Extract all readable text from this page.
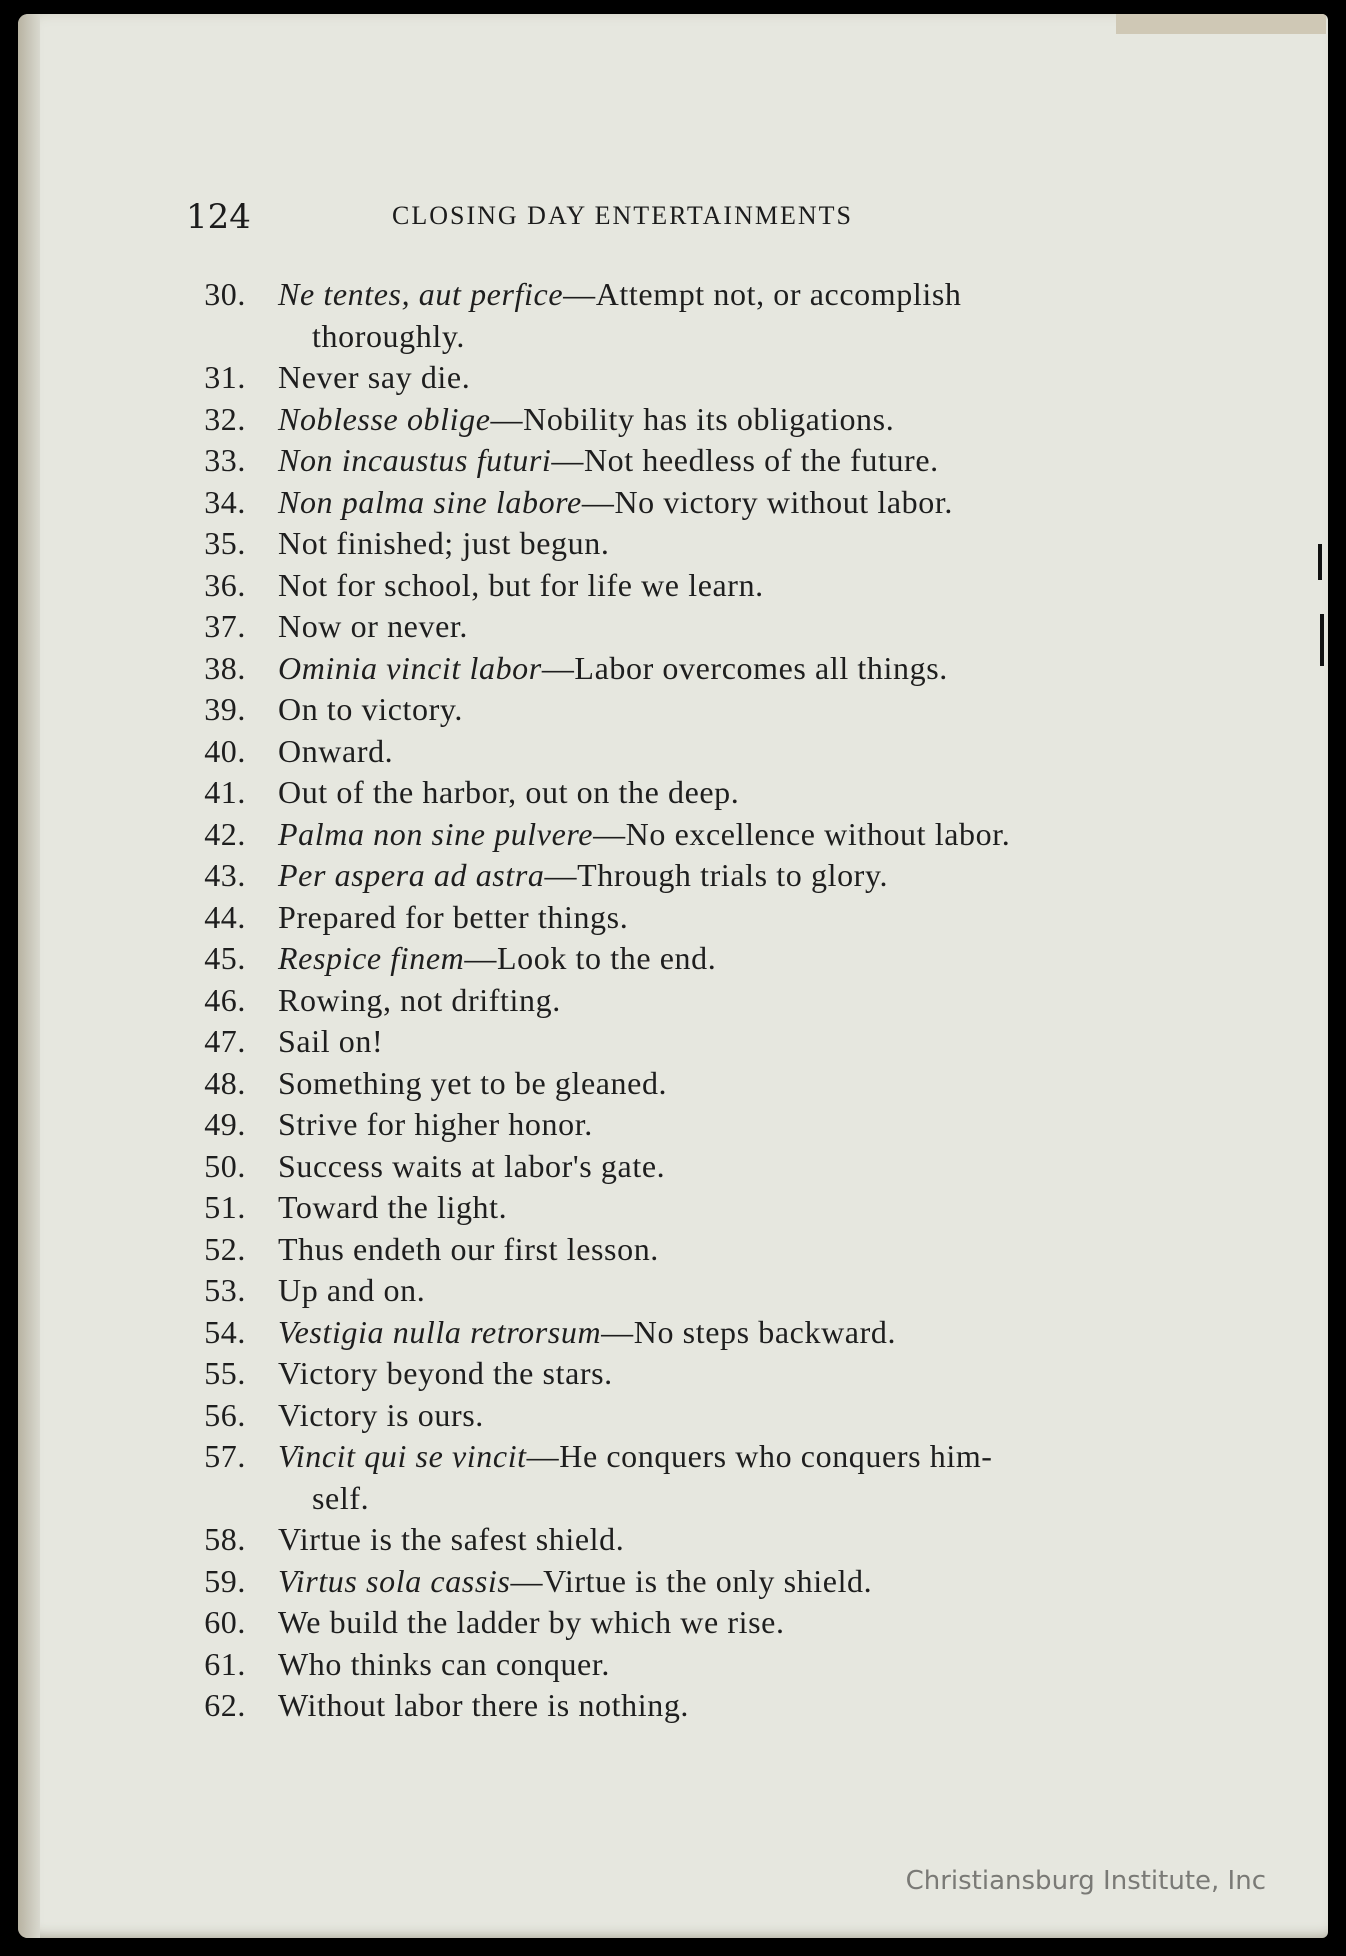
124	CLOSING DAY ENTERTAINMENTS
30.	Ne tentes, aut perfice—Attempt not, or accomplish
thoroughly.
31.	Never say die.
32.	Noblesse oblige—Nobility has its obligations.
33.	Non incaustus futuri—Not heedless of the future.
34.	Non palma sine labore—No victory without labor.
35.	Not finished; just begun.
36.	Not for school, but for life we learn.
37.	Now or never.
38.	Ominia vincit labor—Labor overcomes all things.
39.	On to victory.
40.	Onward.
41.	Out of the harbor, out on the deep.
42.	Palma non sine pulvere—No excellence without labor.
43.	Per aspera ad astra—Through trials to glory.
44.	Prepared for better things.
45.	Respice finem—Look to the end.
46.	Rowing, not drifting.
47.	Sail on!
48.	Something yet to be gleaned.
49.	Strive for higher honor.
50.	Success waits at labor's gate.
51.	Toward the light.
52.	Thus endeth our first lesson.
53.	Up and on.
54.	Vestigia nulla retrorsum—No steps backward.
55.	Victory beyond the stars.
56.	Victory is ours.
57.	Vincit qui se vincit—He conquers who conquers him-
self.
58.	Virtue is the safest shield.
59.	Virtus sola cassis—Virtue is the only shield.
60.	We build the ladder by which we rise.
61.	Who thinks can conquer.
62.	Without labor there is nothing.
Christiansburg Institute, Inc
